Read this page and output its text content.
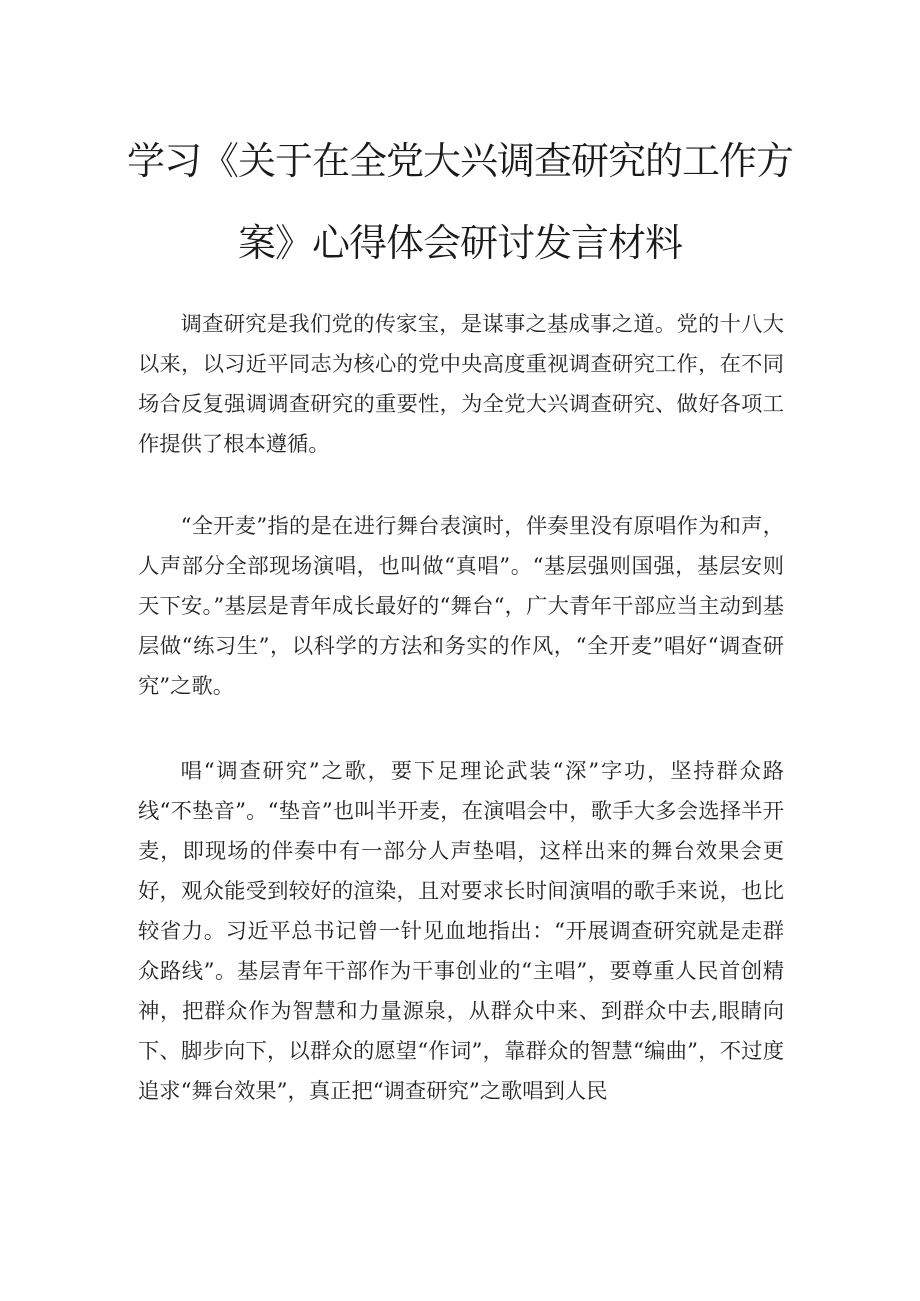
学习《关于在全党大兴调查研究的工作方
案》心得体会研讨发言材料

调查研究是我们党的传家宝，是谋事之基成事之道。党的十八大以来，以习近平同志为核心的党中央高度重视调查研究工作，在不同场合反复强调调查研究的重要性，为全党大兴调查研究、做好各项工作提供了根本遵循。

“全开麦”指的是在进行舞台表演时，伴奏里没有原唱作为和声，人声部分全部现场演唱，也叫做“真唱”。“基层强则国强，基层安则天下安。”基层是青年成长最好的“舞台“，广大青年干部应当主动到基层做“练习生”，以科学的方法和务实的作风，“全开麦”唱好“调查研究”之歌。

唱“调查研究”之歌，要下足理论武装“深”字功，坚持群众路线“不垫音”。“垫音”也叫半开麦，在演唱会中，歌手大多会选择半开麦，即现场的伴奏中有一部分人声垫唱，这样出来的舞台效果会更好，观众能受到较好的渲染，且对要求长时间演唱的歌手来说，也比较省力。习近平总书记曾一针见血地指出：“开展调查研究就是走群众路线”。基层青年干部作为干事创业的“主唱”，要尊重人民首创精神，把群众作为智慧和力量源泉，从群众中来、到群众中去,眼睛向下、脚步向下，以群众的愿望“作词”，靠群众的智慧“编曲”，不过度追求“舞台效果”，真正把“调查研究”之歌唱到人民
